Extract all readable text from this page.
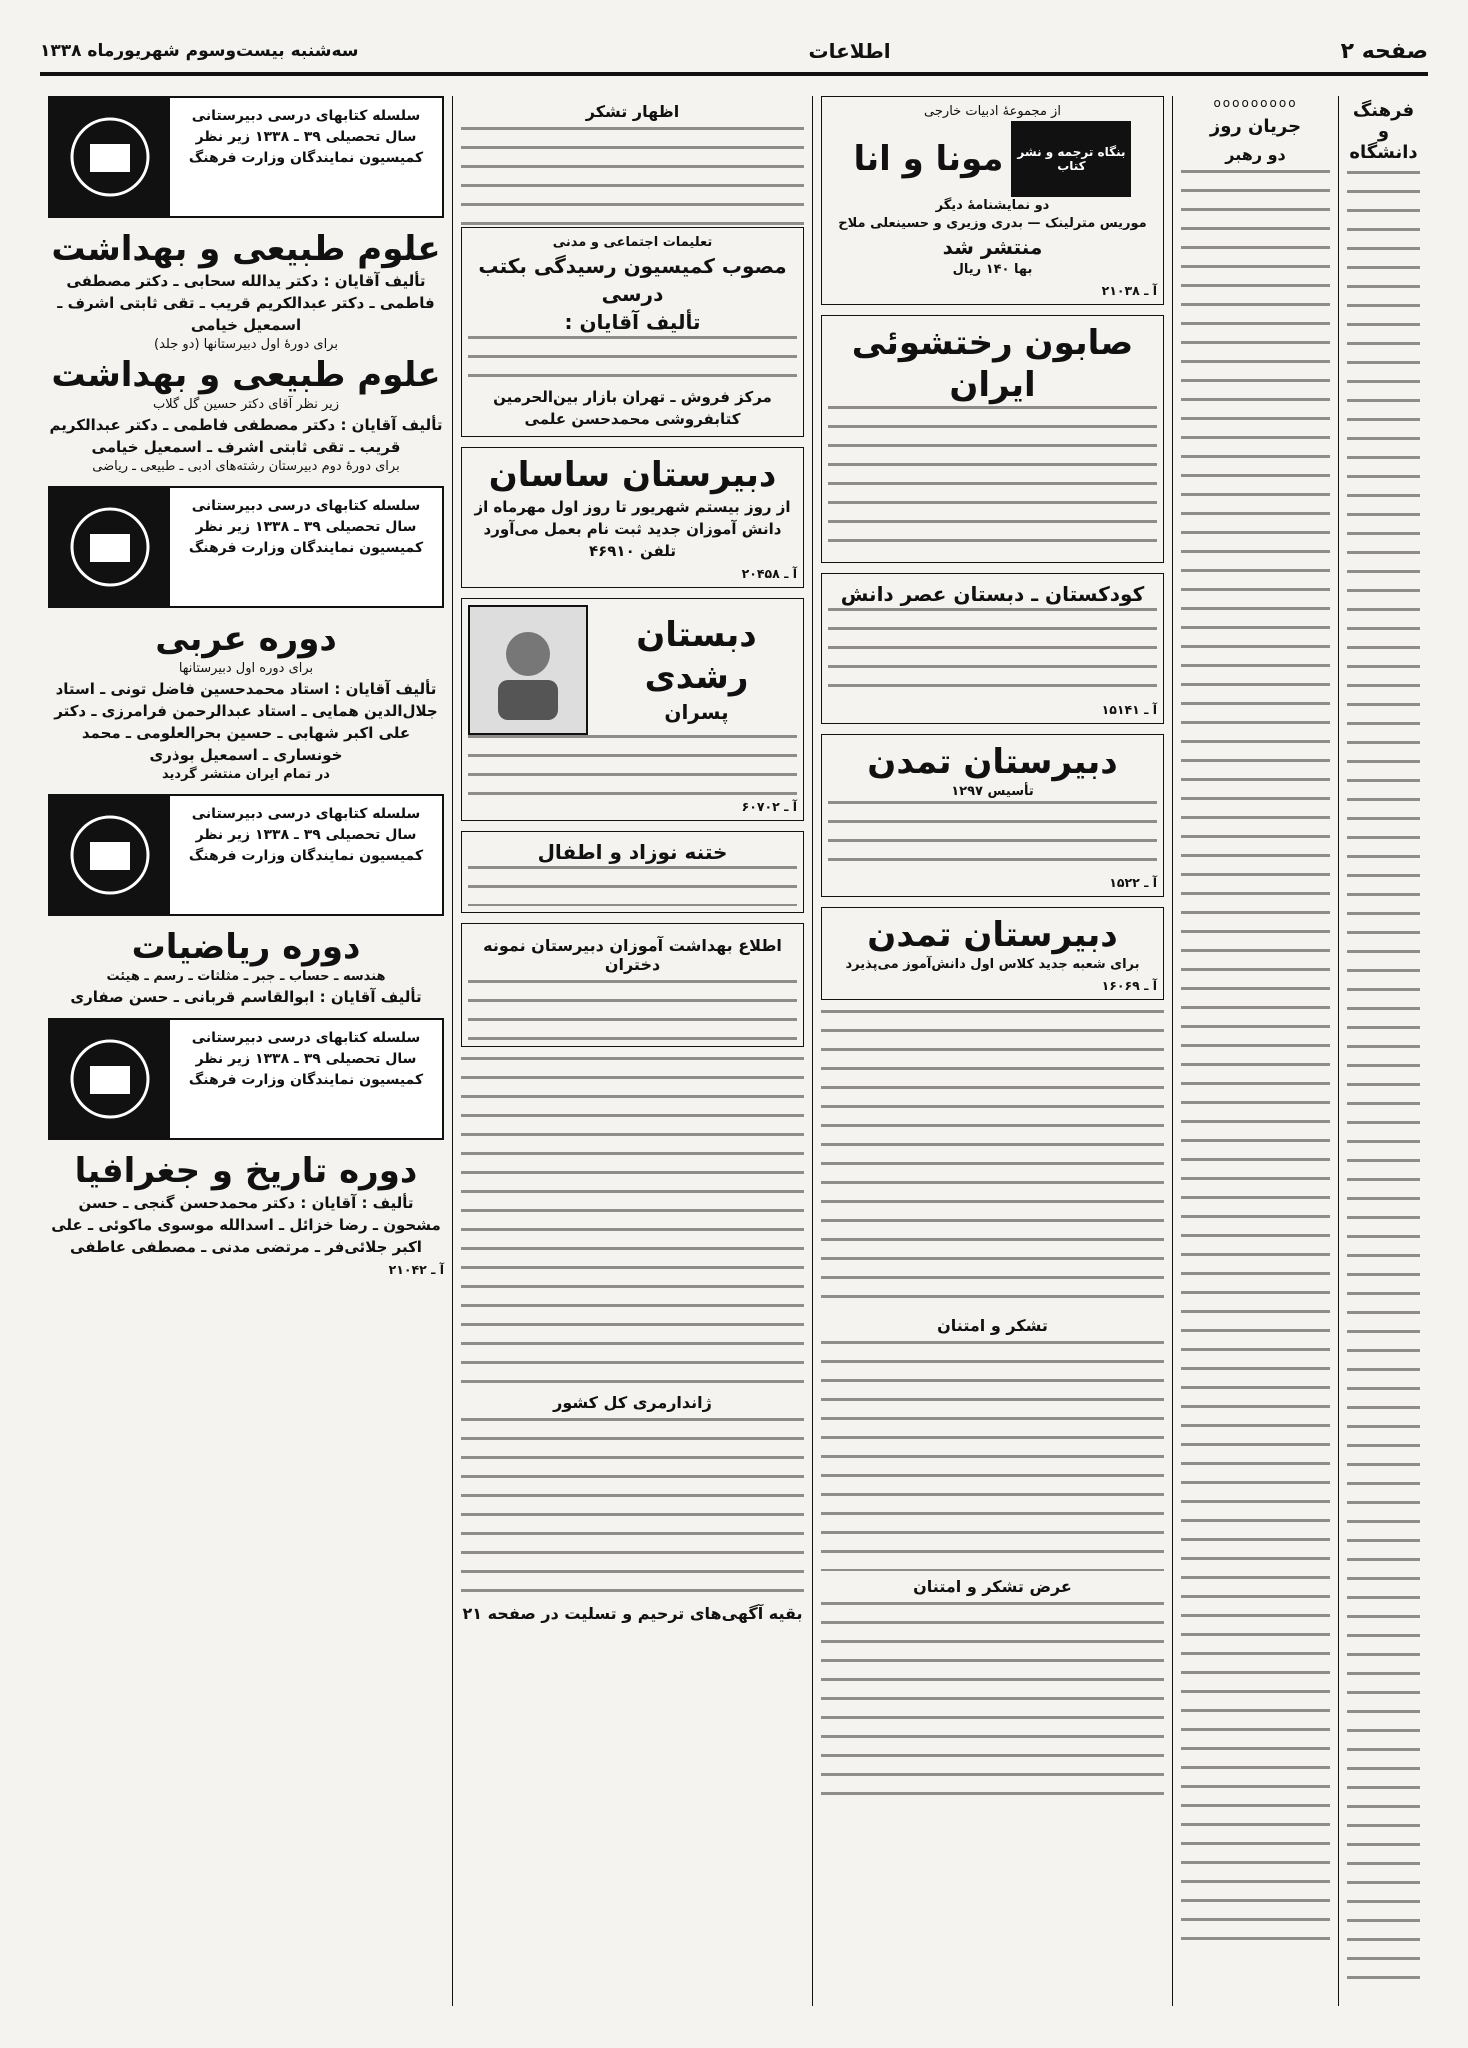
صفحه ۲
اطلاعات
سه‌شنبه بیست‌وسوم شهریورماه ۱۳۳۸
فرهنگ و دانشگاه
ooooooooo
جریان روز
دو رهبر
از مجموعهٔ ادبیات خارجی
بنگاه ترجمه و نشر کتاب
مونا و انا
دو نمایشنامهٔ دیگر
موریس مترلینک — بدری وزیری و حسینعلی ملاح
منتشر شد
بها ۱۴۰ ریال
آ ـ ۲۱۰۳۸
صابون رختشوئی ایران
کودکستان ـ دبستان عصر دانش
آ ـ ۱۵۱۴۱
دبیرستان تمدن
تأسیس ۱۲۹۷
آ ـ ۱۵۲۲
دبیرستان تمدن
برای شعبه جدید کلاس اول دانش‌آموز می‌پذیرد
آ ـ ۱۶۰۶۹
تشکر و امتنان
عرض تشکر و امتنان
اظهار تشکر
تعلیمات اجتماعی و مدنی
مصوب کمیسیون رسیدگی بکتب درسی
تألیف آقایان :
مرکز فروش ـ تهران بازار بین‌الحرمین کتابفروشی محمدحسن علمی
دبیرستان ساسان
از روز بیستم شهریور تا روز اول مهرماه از دانش آموزان جدید ثبت نام بعمل می‌آورد
تلفن ۴۶۹۱۰
آ ـ ۲۰۴۵۸
دبستان رشدی
پسران
آ ـ ۶۰۷۰۲
ختنه نوزاد و اطفال
اطلاع بهداشت آموزان دبیرستان نمونه دختران
ژاندارمری کل کشور
بقیه آگهی‌های ترحیم و تسلیت در صفحه ۲۱
سلسله کتابهای درسی دبیرستانی سال تحصیلی ۳۹ ـ ۱۳۳۸ زیر نظر کمیسیون نمایندگان وزارت فرهنگ
علوم طبیعی و بهداشت
تألیف آقایان : دکتر یدالله سحابی ـ دکتر مصطفی فاطمی ـ دکتر عبدالکریم قریب ـ تقی ثابتی اشرف ـ اسمعیل خیامی
برای دورهٔ اول دبیرستانها (دو جلد)
علوم طبیعی و بهداشت
زیر نظر آقای دکتر حسین گل گلاب
تألیف آقایان : دکتر مصطفی فاطمی ـ دکتر عبدالکریم قریب ـ تقی ثابتی اشرف ـ اسمعیل خیامی
برای دورهٔ دوم دبیرستان رشته‌های ادبی ـ طبیعی ـ ریاضی
سلسله کتابهای درسی دبیرستانی سال تحصیلی ۳۹ ـ ۱۳۳۸ زیر نظر کمیسیون نمایندگان وزارت فرهنگ
دوره عربی
برای دوره اول دبیرستانها
تألیف آقایان : استاد محمدحسین فاضل تونی ـ استاد جلال‌الدین همایی ـ استاد عبدالرحمن فرامرزی ـ دکتر علی اکبر شهابی ـ حسین بحرالعلومی ـ محمد خونساری ـ اسمعیل بوذری
در تمام ایران منتشر گردید
سلسله کتابهای درسی دبیرستانی سال تحصیلی ۳۹ ـ ۱۳۳۸ زیر نظر کمیسیون نمایندگان وزارت فرهنگ
دوره ریاضیات
هندسه ـ حساب ـ جبر ـ مثلثات ـ رسم ـ هیئت
تألیف آقایان : ابوالقاسم قربانی ـ حسن صفاری
سلسله کتابهای درسی دبیرستانی سال تحصیلی ۳۹ ـ ۱۳۳۸ زیر نظر کمیسیون نمایندگان وزارت فرهنگ
دوره تاریخ و جغرافیا
تألیف : آقایان : دکتر محمدحسن گنجی ـ حسن مشحون ـ رضا خزائل ـ اسدالله موسوی ماکوئی ـ علی اکبر جلائی‌فر ـ مرتضی مدنی ـ مصطفی عاطفی
آ ـ ۲۱۰۴۲
